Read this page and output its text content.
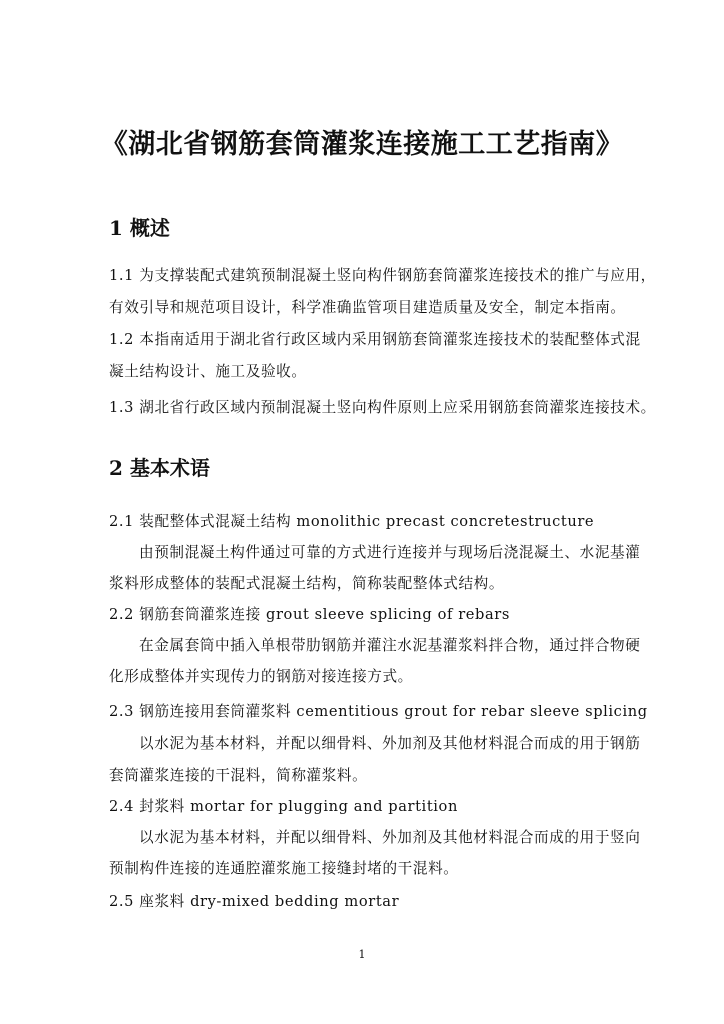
《湖北省钢筋套筒灌浆连接施工工艺指南》
1 概述
1.1 为支撑装配式建筑预制混凝土竖向构件钢筋套筒灌浆连接技术的推广与应用，
有效引导和规范项目设计，科学准确监管项目建造质量及安全，制定本指南。
1.2 本指南适用于湖北省行政区域内采用钢筋套筒灌浆连接技术的装配整体式混
凝土结构设计、施工及验收。
1.3 湖北省行政区域内预制混凝土竖向构件原则上应采用钢筋套筒灌浆连接技术。
2 基本术语
2.1 装配整体式混凝土结构 monolithic precast concretestructure
由预制混凝土构件通过可靠的方式进行连接并与现场后浇混凝土、水泥基灌
浆料形成整体的装配式混凝土结构，简称装配整体式结构。
2.2 钢筋套筒灌浆连接 grout sleeve splicing of rebars
在金属套筒中插入单根带肋钢筋并灌注水泥基灌浆料拌合物，通过拌合物硬
化形成整体并实现传力的钢筋对接连接方式。
2.3 钢筋连接用套筒灌浆料 cementitious grout for rebar sleeve splicing
以水泥为基本材料，并配以细骨料、外加剂及其他材料混合而成的用于钢筋
套筒灌浆连接的干混料，简称灌浆料。
2.4 封浆料 mortar for plugging and partition
以水泥为基本材料，并配以细骨料、外加剂及其他材料混合而成的用于竖向
预制构件连接的连通腔灌浆施工接缝封堵的干混料。
2.5 座浆料 dry-mixed bedding mortar
1
